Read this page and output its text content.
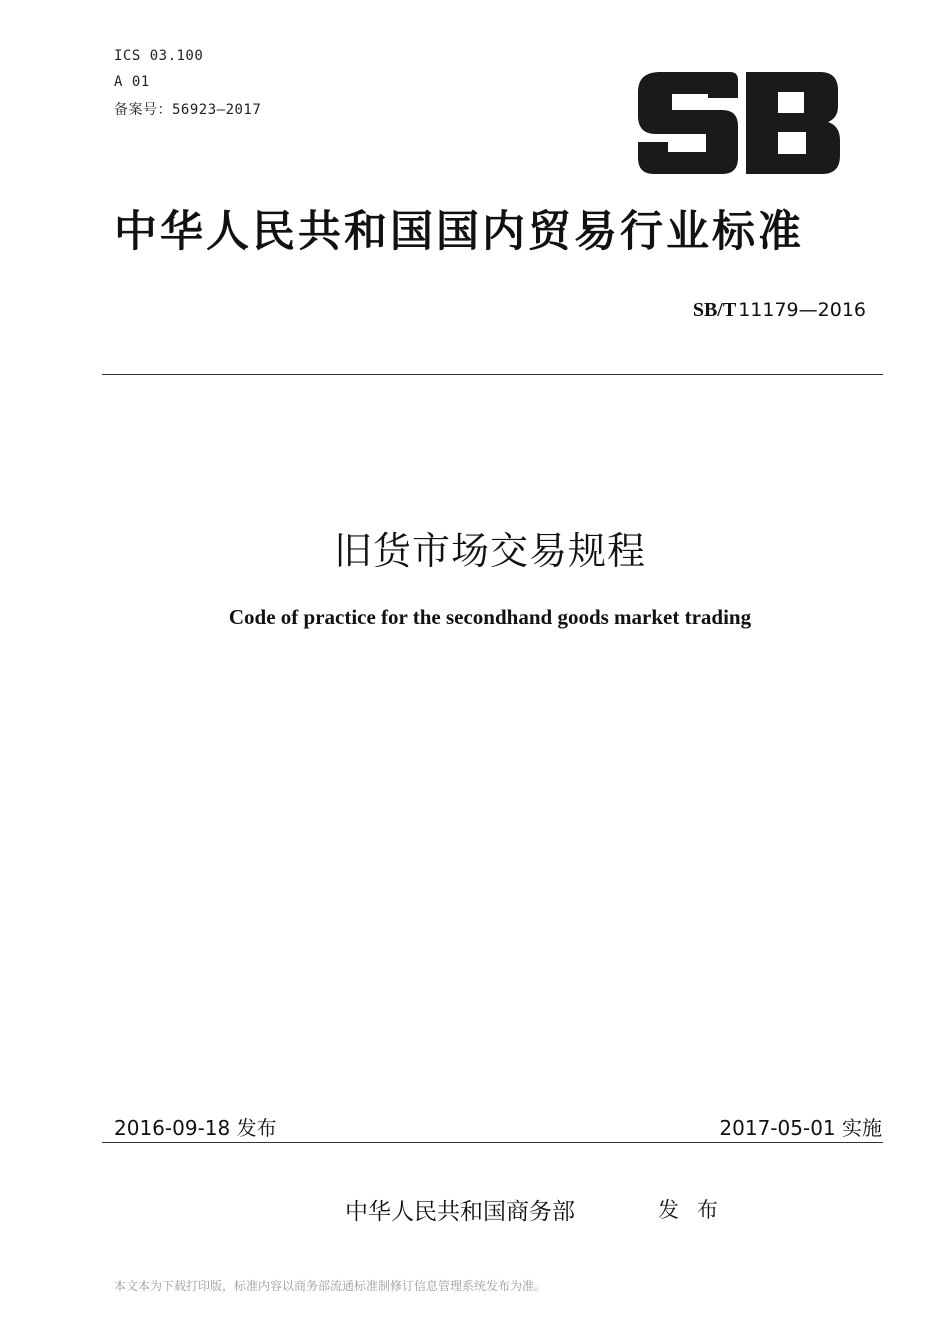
ICS 03.100
A 01
备案号：56923—2017
中华人民共和国国内贸易行业标准
SB/T 11179—2016
旧货市场交易规程
Code of practice for the secondhand goods market trading
2016-09-18 发布	2017-05-01 实施
中华人民共和国商务部	发布
本文本为下载打印版，标准内容以商务部流通标准制修订信息管理系统发布为准。
